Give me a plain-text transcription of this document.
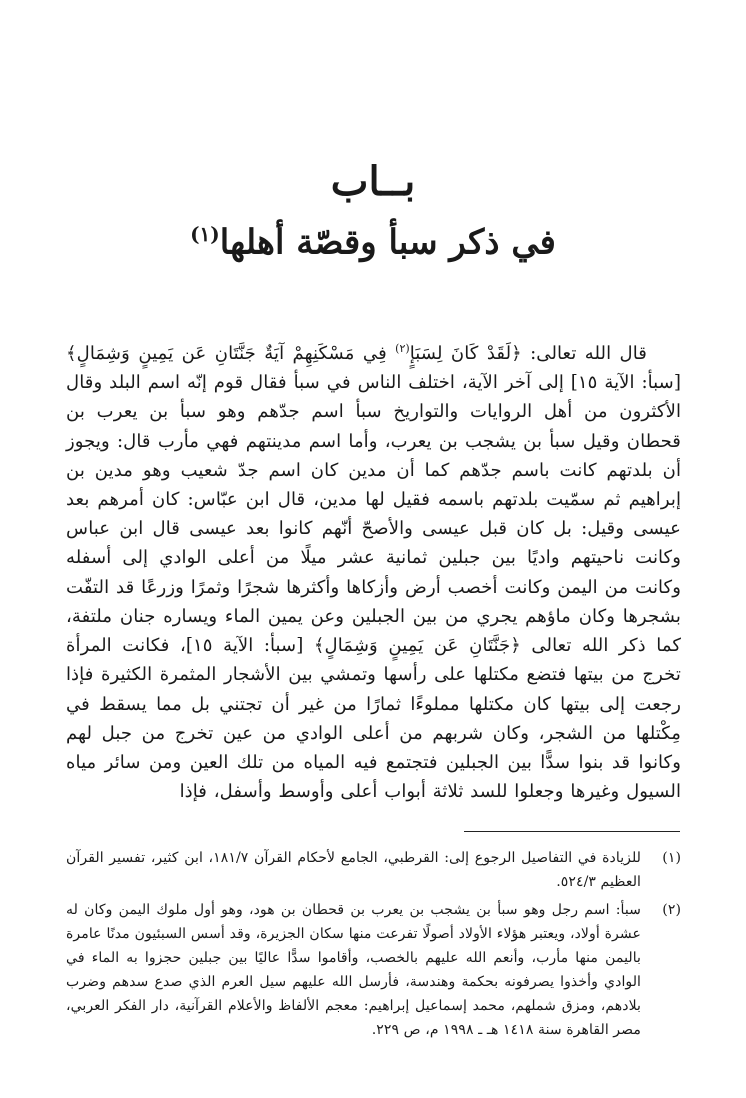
بــاب
في ذكر سبأ وقصّة أهلها$^{(١)}$

قال الله تعالى: ﴿لَقَدْ كَانَ لِسَبَإٍ$^{(٢)}$ فِي مَسْكَنِهِمْ آيَةٌ جَنَّتَانِ عَن يَمِينٍ وَشِمَالٍ﴾ [سبأ: الآية ١٥] إلى آخر الآية، اختلف الناس في سبأ فقال قوم إنّه اسم البلد وقال الأكثرون من أهل الروايات والتواريخ سبأ اسم جدّهم وهو سبأ بن يعرب بن قحطان وقيل سبأ بن يشجب بن يعرب، وأما اسم مدينتهم فهي مأرب قال: ويجوز أن بلدتهم كانت باسم جدّهم كما أن مدين كان اسم جدّ شعيب وهو مدين بن إبراهيم ثم سمّيت بلدتهم باسمه فقيل لها مدين، قال ابن عبّاس: كان أمرهم بعد عيسى وقيل: بل كان قبل عيسى والأصحّ أنّهم كانوا بعد عيسى قال ابن عباس وكانت ناحيتهم واديًا بين جبلين ثمانية عشر ميلًا من أعلى الوادي إلى أسفله وكانت من اليمن وكانت أخصب أرض وأزكاها وأكثرها شجرًا وثمرًا وزرعًا قد التفّت بشجرها وكان ماؤهم يجري من بين الجبلين وعن يمين الماء ويساره جنان ملتفة، كما ذكر الله تعالى ﴿جَنَّتَانِ عَن يَمِينٍ وَشِمَالٍ﴾ [سبأ: الآية ١٥]، فكانت المرأة تخرج من بيتها فتضع مكتلها على رأسها وتمشي بين الأشجار المثمرة الكثيرة فإذا رجعت إلى بيتها كان مكتلها مملوءًا ثمارًا من غير أن تجتني بل مما يسقط في مِكْتلها من الشجر، وكان شربهم من أعلى الوادي من عين تخرج من جبل لهم وكانوا قد بنوا سدًّا بين الجبلين فتجتمع فيه المياه من تلك العين ومن سائر مياه السيول وغيرها وجعلوا للسد ثلاثة أبواب أعلى وأوسط وأسفل، فإذا

(١)
للزيادة في التفاصيل الرجوع إلى: القرطبي، الجامع لأحكام القرآن ١٨١/٧، ابن كثير، تفسير القرآن العظيم ٥٢٤/٣.
(٢)
سبأ: اسم رجل وهو سبأ بن يشجب بن يعرب بن قحطان بن هود، وهو أول ملوك اليمن وكان له عشرة أولاد، ويعتبر هؤلاء الأولاد أصولًا تفرعت منها سكان الجزيرة، وقد أسس السبئيون مدنًا عامرة باليمن منها مأرب، وأنعم الله عليهم بالخصب، وأقاموا سدًّا عاليًا بين جبلين حجزوا به الماء في الوادي وأخذوا يصرفونه بحكمة وهندسة، فأرسل الله عليهم سيل العرم الذي صدع سدهم وضرب بلادهم، ومزق شملهم، محمد إسماعيل إبراهيم: معجم الألفاظ والأعلام القرآنية، دار الفكر العربي، مصر القاهرة سنة ١٤١٨ هـ ـ ١٩٩٨ م، ص ٢٢٩.
